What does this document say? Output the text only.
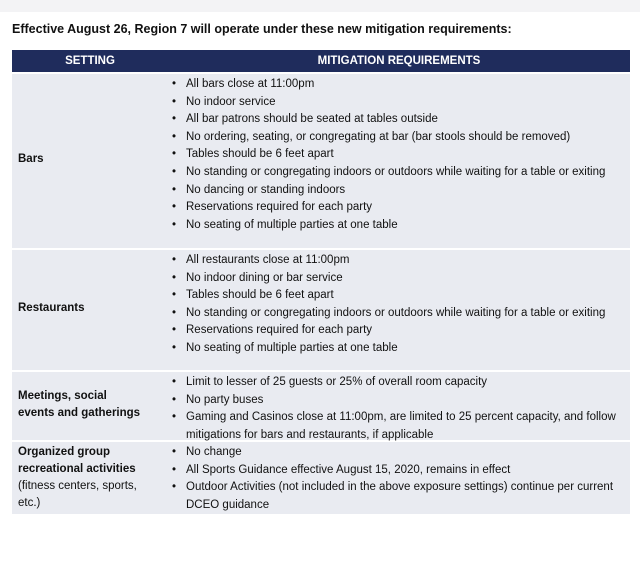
Effective August 26, Region 7 will operate under these new mitigation requirements:
SETTING	MITIGATION REQUIREMENTS
Bars
• All bars close at 11:00pm
• No indoor service
• All bar patrons should be seated at tables outside
• No ordering, seating, or congregating at bar (bar stools should be removed)
• Tables should be 6 feet apart
• No standing or congregating indoors or outdoors while waiting for a table or exiting
• No dancing or standing indoors
• Reservations required for each party
• No seating of multiple parties at one table
Restaurants
• All restaurants close at 11:00pm
• No indoor dining or bar service
• Tables should be 6 feet apart
• No standing or congregating indoors or outdoors while waiting for a table or exiting
• Reservations required for each party
• No seating of multiple parties at one table
Meetings, social
events and gatherings
• Limit to lesser of 25 guests or 25% of overall room capacity
• No party buses
• Gaming and Casinos close at 11:00pm, are limited to 25 percent capacity, and follow mitigations for bars and restaurants, if applicable
Organized group
recreational activities
(fitness centers, sports,
etc.)
• No change
• All Sports Guidance effective August 15, 2020, remains in effect
• Outdoor Activities (not included in the above exposure settings) continue per current DCEO guidance
